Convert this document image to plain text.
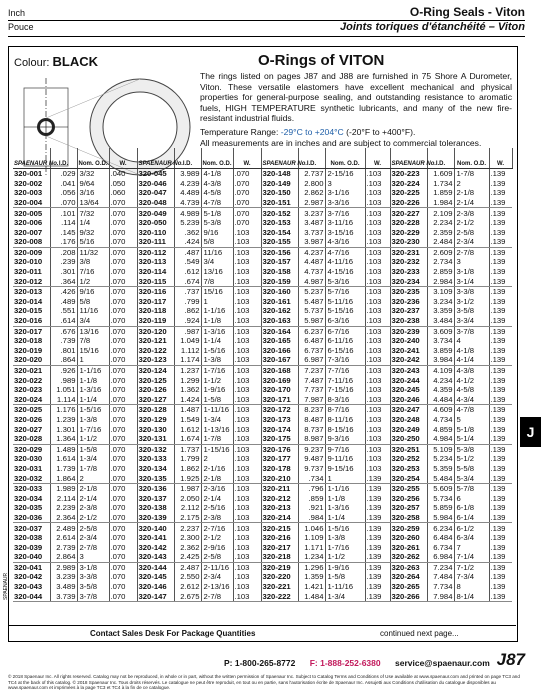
Inch	O-Ring Seals - Viton
Pouce	Joints toriques d'étanchéité – Viton
Colour: BLACK	O-Rings of VITON
The rings listed on pages J87 and J88 are furnished in 75 Shore A Durometer, Viton. These versatile elastomers have excellent mechanical and physical properties for general-purpose sealing, and outstanding resistance to aromatic fuels, HIGH TEMPERATURE synthetic lubricants, and many of the new fire-resistant industrial fluids.
Temperature Range: -29°C to +204°C (-20°F to +400°F).
All measurements are in inches and are subject to commercial tolerances.
SPAENAUR No.	I.D.	Nom. O.D.	W.	SPAENAUR No.	I.D.	Nom. O.D.	W.	SPAENAUR No.	I.D.	Nom. O.D.	W.	SPAENAUR No.	I.D.	Nom. O.D.	W.
320-001	.029	3/32	.040	320-045	3.989	4-1/8	.070	320-148	2.737	2-15/16	.103	320-223	1.609	1-7/8	.139
320-002	.041	9/64	.050	320-046	4.239	4-3/8	.070	320-149	2.800	3	.103	320-224	1.734	2	.139
320-003	.056	3/16	.060	320-047	4.489	4-5/8	.070	320-150	2.862	3-1/16	.103	320-225	1.859	2-1/8	.139
320-004	.070	13/64	.070	320-048	4.739	4-7/8	.070	320-151	2.987	3-3/16	.103	320-226	1.984	2-1/4	.139
320-005	.101	7/32	.070	320-049	4.989	5-1/8	.070	320-152	3.237	3-7/16	.103	320-227	2.109	2-3/8	.139
320-006	.114	1/4	.070	320-050	5.239	5-3/8	.070	320-153	3.487	3-11/16	.103	320-228	2.234	2-1/2	.139
320-007	.145	9/32	.070	320-110	.362	9/16	.103	320-154	3.737	3-15/16	.103	320-229	2.359	2-5/8	.139
320-008	.176	5/16	.070	320-111	.424	5/8	.103	320-155	3.987	4-3/16	.103	320-230	2.484	2-3/4	.139
320-009	.208	11/32	.070	320-112	.487	11/16	.103	320-156	4.237	4-7/16	.103	320-231	2.609	2-7/8	.139
320-010	.239	3/8	.070	320-113	.549	3/4	.103	320-157	4.487	4-11/16	.103	320-232	2.734	3	.139
320-011	.301	7/16	.070	320-114	.612	13/16	.103	320-158	4.737	4-15/16	.103	320-233	2.859	3-1/8	.139
320-012	.364	1/2	.070	320-115	.674	7/8	.103	320-159	4.987	5-3/16	.103	320-234	2.984	3-1/4	.139
320-013	.426	9/16	.070	320-116	.737	15/16	.103	320-160	5.237	5-7/16	.103	320-235	3.109	3-3/8	.139
320-014	.489	5/8	.070	320-117	.799	1	.103	320-161	5.487	5-11/16	.103	320-236	3.234	3-1/2	.139
320-015	.551	11/16	.070	320-118	.862	1-1/16	.103	320-162	5.737	5-15/16	.103	320-237	3.359	3-5/8	.139
320-016	.614	3/4	.070	320-119	.924	1-1/8	.103	320-163	5.987	6-3/16	.103	320-238	3.484	3-3/4	.139
320-017	.676	13/16	.070	320-120	.987	1-3/16	.103	320-164	6.237	6-7/16	.103	320-239	3.609	3-7/8	.139
320-018	.739	7/8	.070	320-121	1.049	1-1/4	.103	320-165	6.487	6-11/16	.103	320-240	3.734	4	.139
320-019	.801	15/16	.070	320-122	1.112	1-5/16	.103	320-166	6.737	6-15/16	.103	320-241	3.859	4-1/8	.139
320-020	.864	1	.070	320-123	1.174	1-3/8	.103	320-167	6.987	7-3/16	.103	320-242	3.984	4-1/4	.139
320-021	.926	1-1/16	.070	320-124	1.237	1-7/16	.103	320-168	7.237	7-7/16	.103	320-243	4.109	4-3/8	.139
320-022	.989	1-1/8	.070	320-125	1.299	1-1/2	.103	320-169	7.487	7-11/16	.103	320-244	4.234	4-1/2	.139
320-023	1.051	1-3/16	.070	320-126	1.362	1-9/16	.103	320-170	7.737	7-15/16	.103	320-245	4.359	4-5/8	.139
320-024	1.114	1-1/4	.070	320-127	1.424	1-5/8	.103	320-171	7.987	8-3/16	.103	320-246	4.484	4-3/4	.139
320-025	1.176	1-5/16	.070	320-128	1.487	1-11/16	.103	320-172	8.237	8-7/16	.103	320-247	4.609	4-7/8	.139
320-026	1.239	1-3/8	.070	320-129	1.549	1-3/4	.103	320-173	8.487	8-11/16	.103	320-248	4.734	5	.139
320-027	1.301	1-7/16	.070	320-130	1.612	1-13/16	.103	320-174	8.737	8-15/16	.103	320-249	4.859	5-1/8	.139
320-028	1.364	1-1/2	.070	320-131	1.674	1-7/8	.103	320-175	8.987	9-3/16	.103	320-250	4.984	5-1/4	.139
320-029	1.489	1-5/8	.070	320-132	1.737	1-15/16	.103	320-176	9.237	9-7/16	.103	320-251	5.109	5-3/8	.139
320-030	1.614	1-3/4	.070	320-133	1.799	2	.103	320-177	9.487	9-11/16	.103	320-252	5.234	5-1/2	.139
320-031	1.739	1-7/8	.070	320-134	1.862	2-1/16	.103	320-178	9.737	9-15/16	.103	320-253	5.359	5-5/8	.139
320-032	1.864	2	.070	320-135	1.925	2-1/8	.103	320-210	.734	1	.139	320-254	5.484	5-3/4	.139
320-033	1.989	2-1/8	.070	320-136	1.987	2-3/16	.103	320-211	.796	1-1/16	.139	320-255	5.609	5-7/8	.139
320-034	2.114	2-1/4	.070	320-137	2.050	2-1/4	.103	320-212	.859	1-1/8	.139	320-256	5.734	6	.139
320-035	2.239	2-3/8	.070	320-138	2.112	2-5/16	.103	320-213	.921	1-3/16	.139	320-257	5.859	6-1/8	.139
320-036	2.364	2-1/2	.070	320-139	2.175	2-3/8	.103	320-214	.984	1-1/4	.139	320-258	5.984	6-1/4	.139
320-037	2.489	2-5/8	.070	320-140	2.237	2-7/16	.103	320-215	1.046	1-5/16	.139	320-259	6.234	6-1/2	.139
320-038	2.614	2-3/4	.070	320-141	2.300	2-1/2	.103	320-216	1.109	1-3/8	.139	320-260	6.484	6-3/4	.139
320-039	2.739	2-7/8	.070	320-142	2.362	2-9/16	.103	320-217	1.171	1-7/16	.139	320-261	6.734	7	.139
320-040	2.864	3	.070	320-143	2.425	2-5/8	.103	320-218	1.234	1-1/2	.139	320-262	6.984	7-1/4	.139
320-041	2.989	3-1/8	.070	320-144	2.487	2-11/16	.103	320-219	1.296	1-9/16	.139	320-263	7.234	7-1/2	.139
320-042	3.239	3-3/8	.070	320-145	2.550	2-3/4	.103	320-220	1.359	1-5/8	.139	320-264	7.484	7-3/4	.139
320-043	3.489	3-5/8	.070	320-146	2.612	2-13/16	.103	320-221	1.421	1-11/16	.139	320-265	7.734	8	.139
320-044	3.739	3-7/8	.070	320-147	2.675	2-7/8	.103	320-222	1.484	1-3/4	.139	320-266	7.984	8-1/4	.139
Contact Sales Desk For Package Quantities	continued next page...
J
SPAENAUR
P: 1-800-265-8772 F: 1-888-252-6380 service@spaenaur.com J87
© 2018 Spaenaur Inc. All rights reserved. Catalog may not be reproduced, in whole or in part, without the written permission of Spaenaur Inc. Subject to Catalog Terms and Conditions of Use available at www.spaenaur.com and printed on page TC3 and TC4 at the back of this catalog. © 2018 Spaenaur Inc. Tous droits réservés. Le catalogue ne peut être reproduit, en tout ou en partie, sans l'autorisation écrite de Spaenaur Inc. Assujetti aux Conditions d'utilisation du catalogue disponibles au www.spaenaur.com et imprimées à la page TC3 et TC4 à la fin de ce catalogue.
